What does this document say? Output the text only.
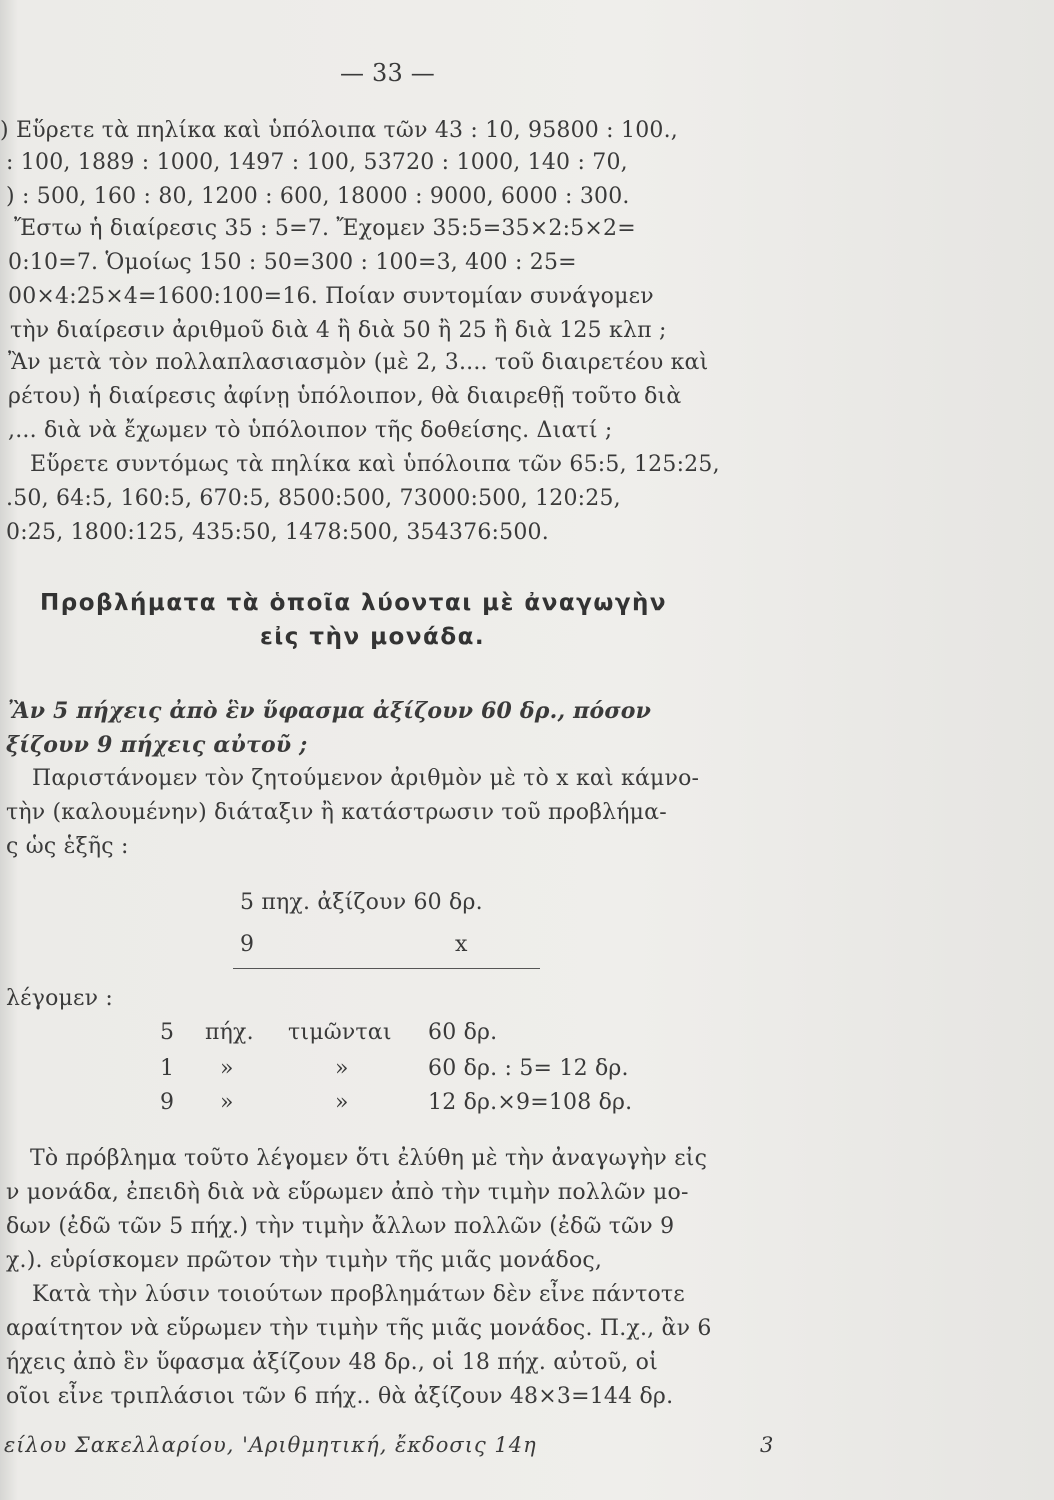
— 33 —
) Εὕρετε τὰ πηλίκα καὶ ὑπόλοιπα τῶν 43 : 10, 95800 : 100.,
: 100, 1889 : 1000, 1497 : 100, 53720 : 1000, 140 : 70,
) : 500, 160 : 80, 1200 : 600, 18000 : 9000, 6000 : 300.
Ἔστω ἡ διαίρεσις 35 : 5=7. Ἔχομεν 35:5=35×2:5×2=
0:10=7. Ὁμοίως 150 : 50=300 : 100=3, 400 : 25=
00×4:25×4=1600:100=16. Ποίαν συντομίαν συνάγομεν
τὴν διαίρεσιν ἀριθμοῦ διὰ 4 ἢ διὰ 50 ἢ 25 ἢ διὰ 125 κλπ ;
Ἂν μετὰ τὸν πολλαπλασιασμὸν (μὲ 2, 3.... τοῦ διαιρετέου καὶ
ρέτου) ἡ διαίρεσις ἀφίνῃ ὑπόλοιπον, θὰ διαιρεθῇ τοῦτο διὰ
,... διὰ νὰ ἔχωμεν τὸ ὑπόλοιπον τῆς δοθείσης. Διατί ;
Εὕρετε συντόμως τὰ πηλίκα καὶ ὑπόλοιπα τῶν 65:5, 125:25,
.50, 64:5, 160:5, 670:5, 8500:500, 73000:500, 120:25,
0:25, 1800:125, 435:50, 1478:500, 354376:500.
Προβλήματα τὰ ὁποῖα λύονται μὲ ἀναγωγὴν
εἰς τὴν μονάδα.
Ἂν 5 πήχεις ἀπὸ ἓν ὕφασμα ἀξίζουν 60 δρ., πόσον
ξίζουν 9 πήχεις αὐτοῦ ;
Παριστάνομεν τὸν ζητούμενον ἀριθμὸν μὲ τὸ x καὶ κάμνο-
τὴν (καλουμένην) διάταξιν ἢ κατάστρωσιν τοῦ προβλήμα-
ς ὡς ἑξῆς :
5 πηχ. ἀξίζουν 60 δρ.
9	x
λέγομεν :
5 πήχ. τιμῶνται 60 δρ.
1 »	»	60 δρ. : 5= 12 δρ.
9 »	»	12 δρ.×9=108 δρ.
Τὸ πρόβλημα τοῦτο λέγομεν ὅτι ἐλύθη μὲ τὴν ἀναγωγὴν εἰς
ν μονάδα, ἐπειδὴ διὰ νὰ εὕρωμεν ἀπὸ τὴν τιμὴν πολλῶν μο-
δων (ἐδῶ τῶν 5 πήχ.) τὴν τιμὴν ἄλλων πολλῶν (ἐδῶ τῶν 9
χ.). εὑρίσκομεν πρῶτον τὴν τιμὴν τῆς μιᾶς μονάδος,
Κατὰ τὴν λύσιν τοιούτων προβλημάτων δὲν εἶνε πάντοτε
αραίτητον νὰ εὕρωμεν τὴν τιμὴν τῆς μιᾶς μονάδος. Π.χ., ἂν 6
ήχεις ἀπὸ ἓν ὕφασμα ἀξίζουν 48 δρ., οἱ 18 πήχ. αὐτοῦ, οἱ
οῖοι εἶνε τριπλάσιοι τῶν 6 πήχ.. θὰ ἀξίζουν 48×3=144 δρ.
είλου Σακελλαρίου, 'Αριθμητική, ἔκδοσις 14η	3
